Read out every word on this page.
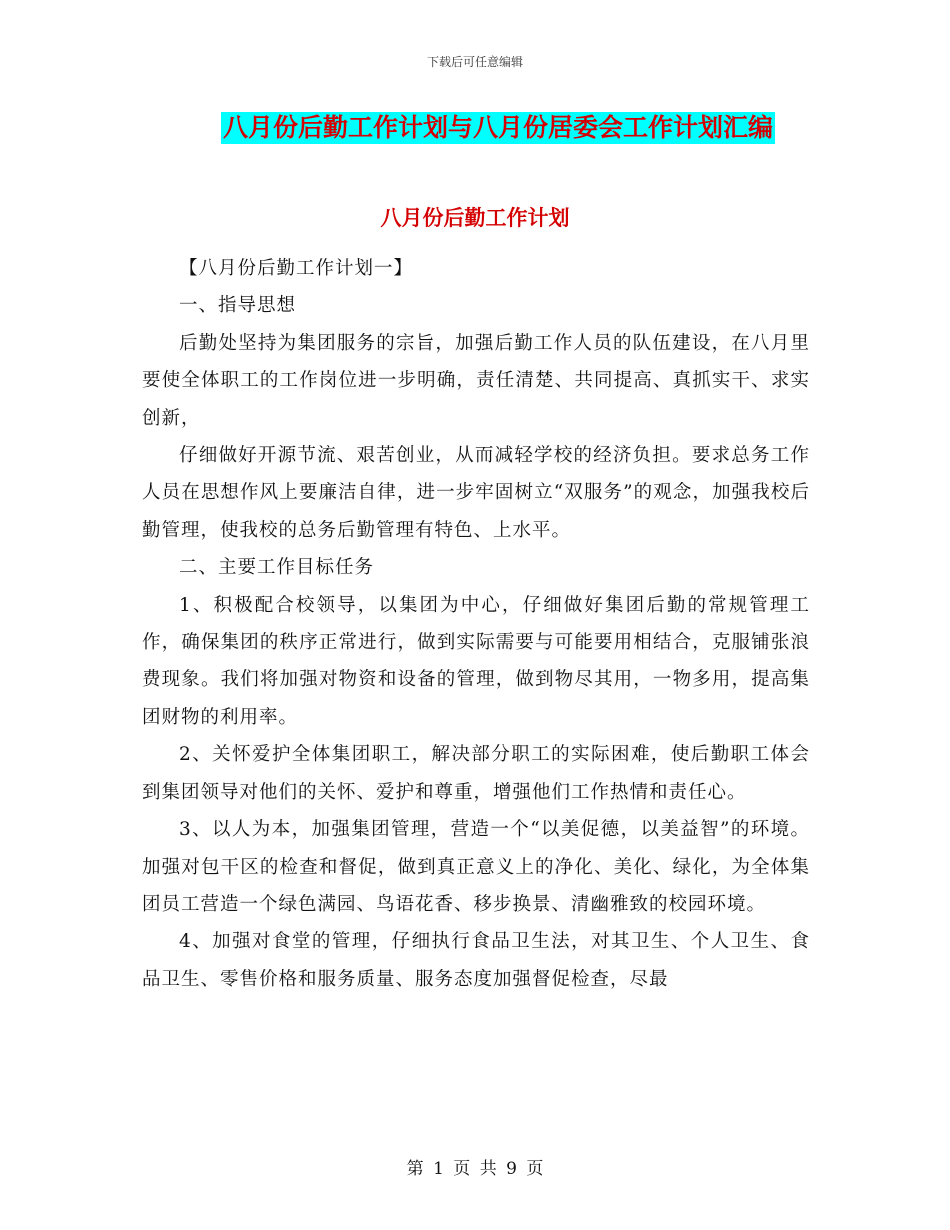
下载后可任意编辑
八月份后勤工作计划与八月份居委会工作计划汇编
八月份后勤工作计划

【八月份后勤工作计划一】

一、指导思想

后勤处坚持为集团服务的宗旨，加强后勤工作人员的队伍建设，在八月里要使全体职工的工作岗位进一步明确，责任清楚、共同提高、真抓实干、求实创新，

仔细做好开源节流、艰苦创业，从而减轻学校的经济负担。要求总务工作人员在思想作风上要廉洁自律，进一步牢固树立“双服务”的观念，加强我校后勤管理，使我校的总务后勤管理有特色、上水平。

二、主要工作目标任务

1、积极配合校领导，以集团为中心，仔细做好集团后勤的常规管理工作，确保集团的秩序正常进行，做到实际需要与可能要用相结合，克服铺张浪费现象。我们将加强对物资和设备的管理，做到物尽其用，一物多用，提高集团财物的利用率。

2、关怀爱护全体集团职工，解决部分职工的实际困难，使后勤职工体会到集团领导对他们的关怀、爱护和尊重，增强他们工作热情和责任心。

3、以人为本，加强集团管理，营造一个“以美促德，以美益智”的环境。加强对包干区的检查和督促，做到真正意义上的净化、美化、绿化，为全体集团员工营造一个绿色满园、鸟语花香、移步换景、清幽雅致的校园环境。

4、加强对食堂的管理，仔细执行食品卫生法，对其卫生、个人卫生、食品卫生、零售价格和服务质量、服务态度加强督促检查，尽最

第 1 页 共 9 页
